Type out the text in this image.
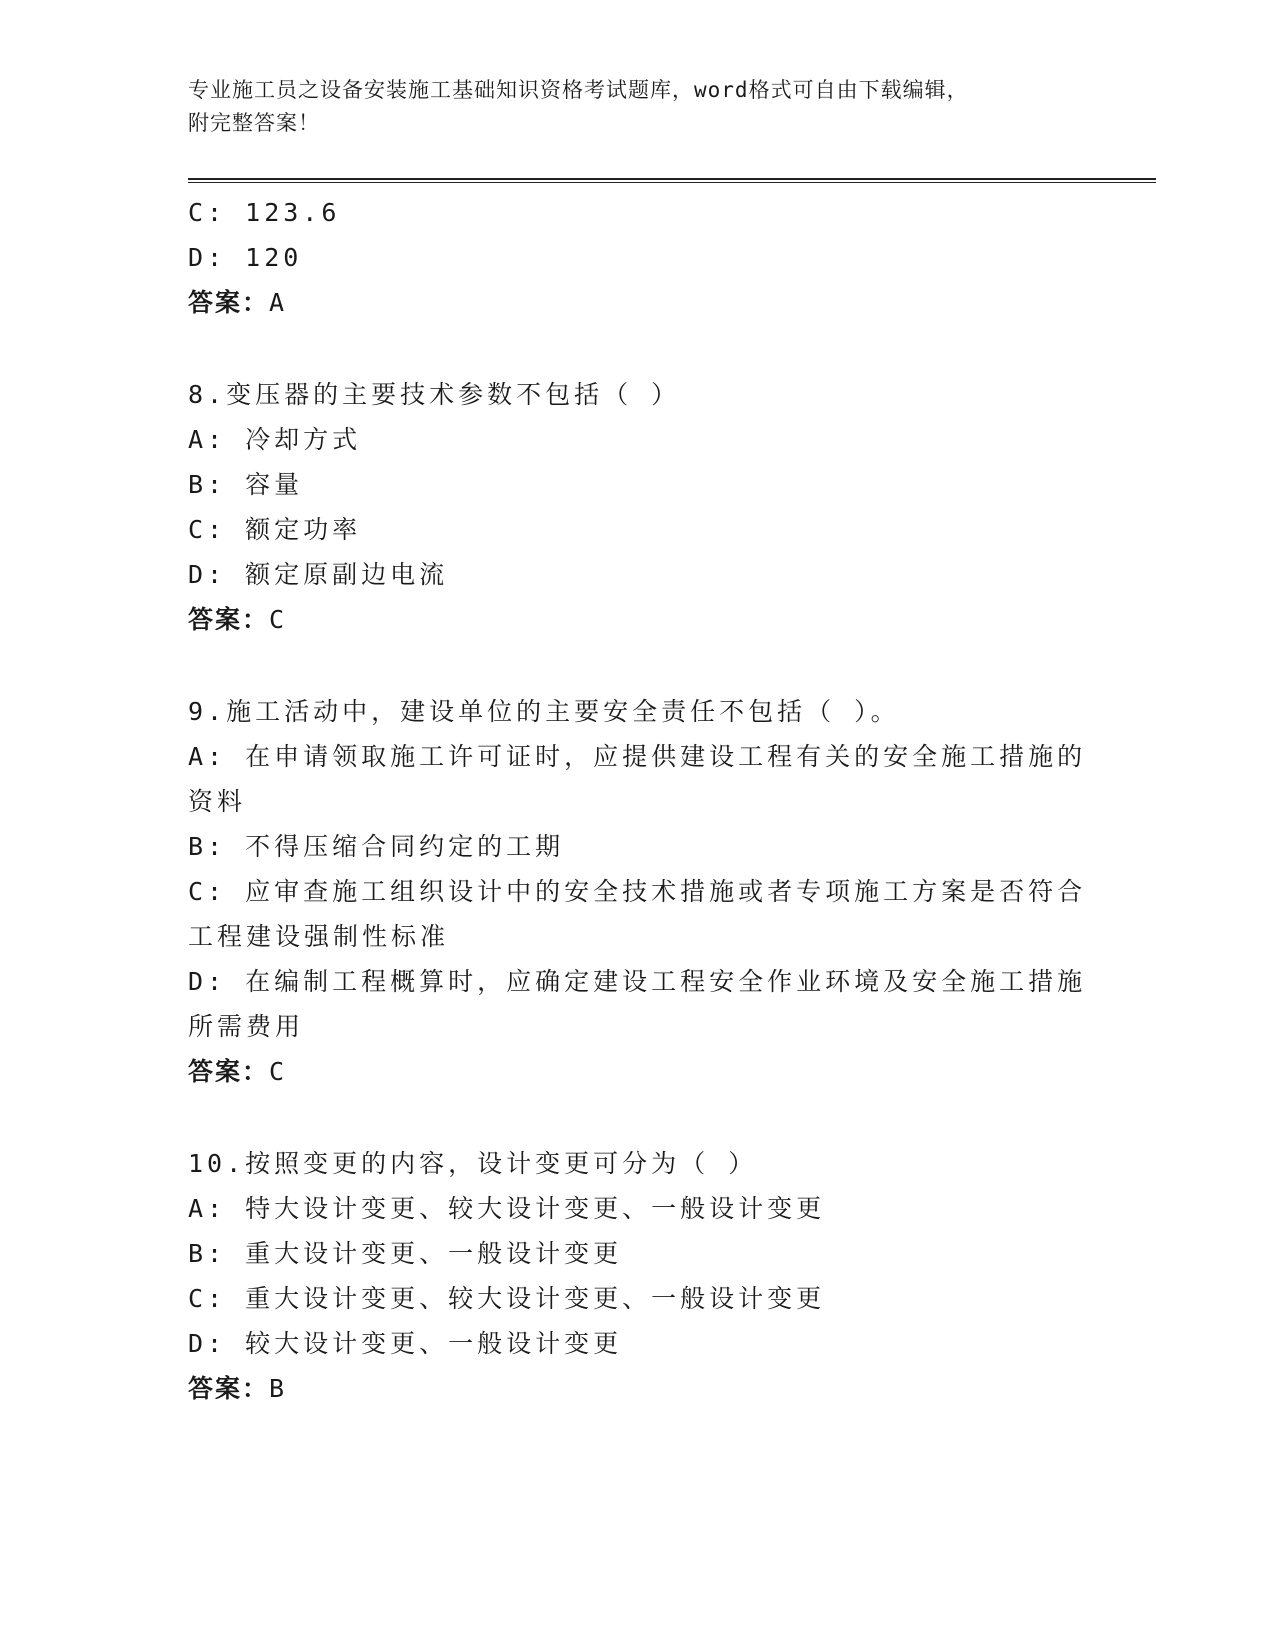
专业施工员之设备安装施工基础知识资格考试题库，word格式可自由下载编辑，
附完整答案！
C: 123.6
D: 120
答案：A
8.变压器的主要技术参数不包括（ ）
A: 冷却方式
B: 容量
C: 额定功率
D: 额定原副边电流
答案：C
9.施工活动中，建设单位的主要安全责任不包括（ ）。
A: 在申请领取施工许可证时，应提供建设工程有关的安全施工措施的
资料
B: 不得压缩合同约定的工期
C: 应审查施工组织设计中的安全技术措施或者专项施工方案是否符合
工程建设强制性标准
D: 在编制工程概算时，应确定建设工程安全作业环境及安全施工措施
所需费用
答案：C
10.按照变更的内容，设计变更可分为（ ）
A: 特大设计变更、较大设计变更、一般设计变更
B: 重大设计变更、一般设计变更
C: 重大设计变更、较大设计变更、一般设计变更
D: 较大设计变更、一般设计变更
答案：B
